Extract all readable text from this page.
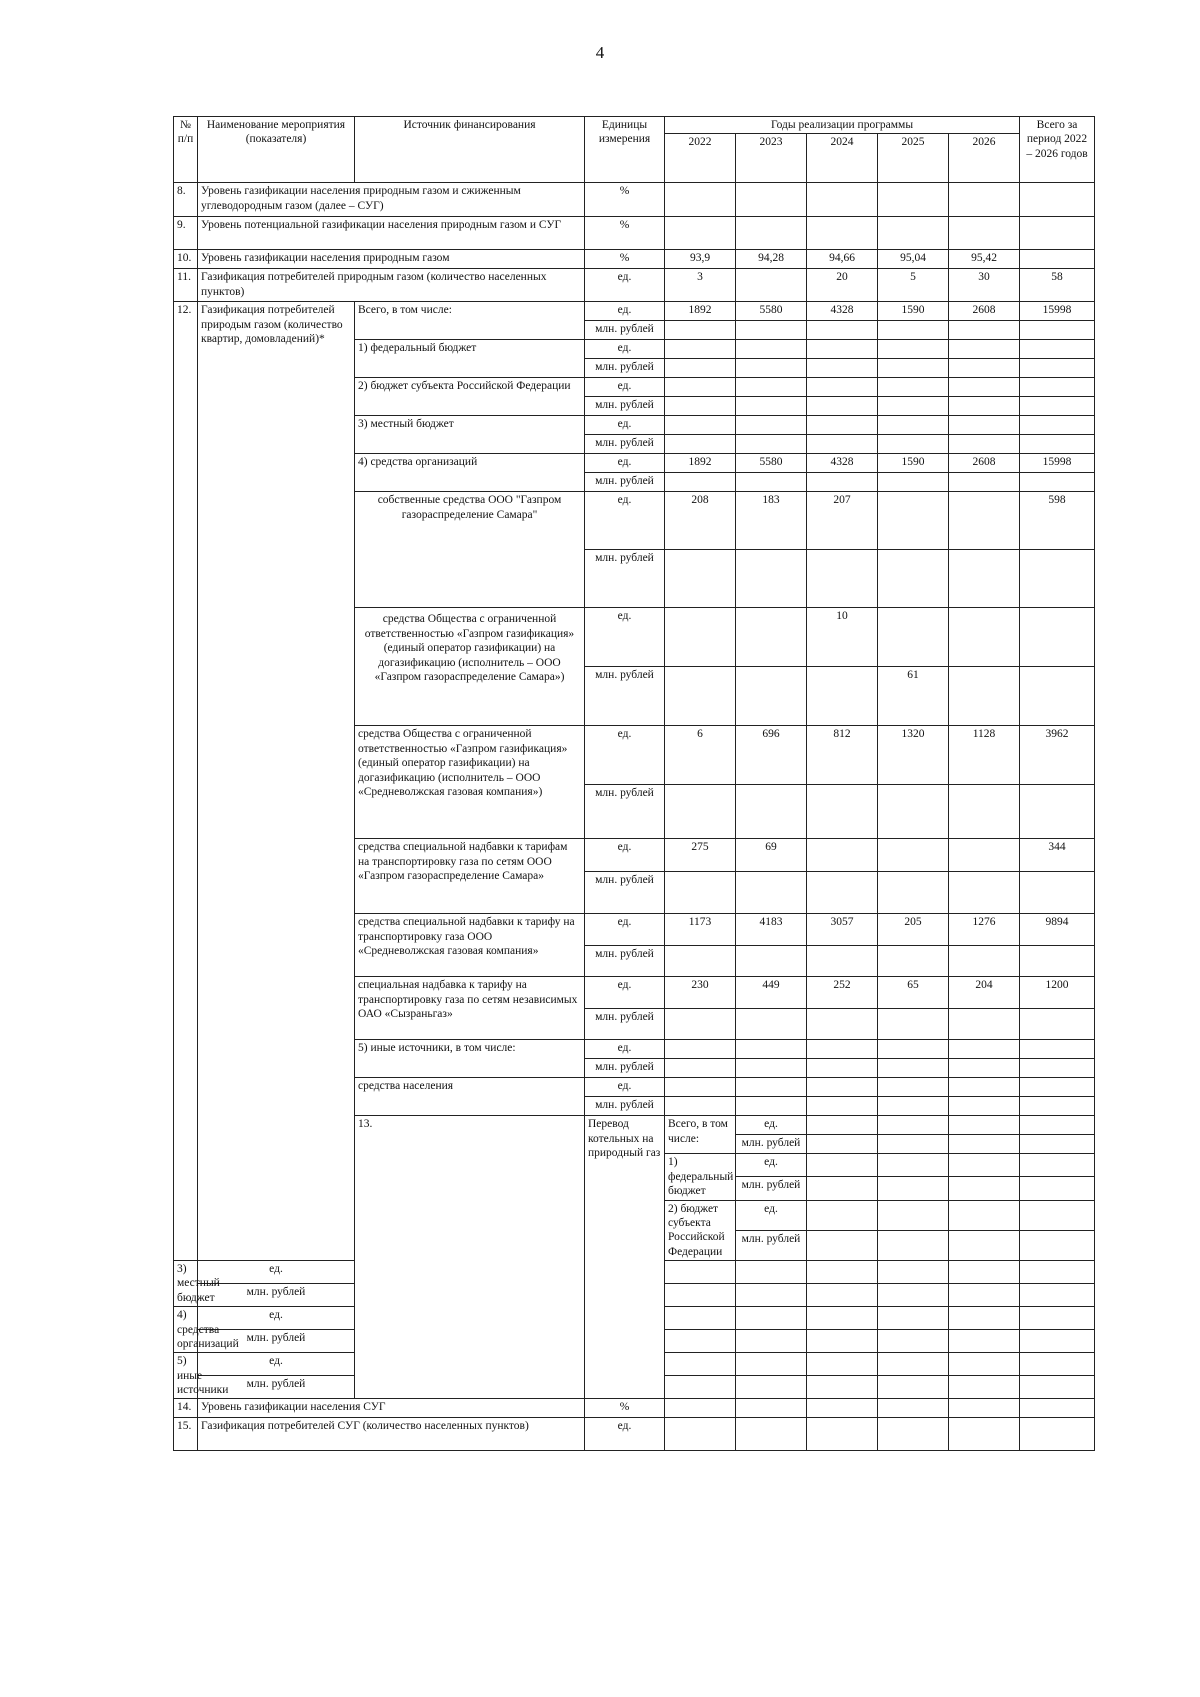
4
№ п/п	Наименование мероприятия (показателя)	Источник финансирования	Единицы измерения	Годы реализации программы					Всего за период 2022 – 2026 годов	
				2022	2023	2024	2025	2026		
8.	Уровень газификации населения природным газом и сжиженным углеводородным газом (далее – СУГ)		%							
9.	Уровень потенциальной газификации населения природным газом и СУГ		%							
10.	Уровень газификации населения природным газом		%	93,9	94,28	94,66	95,04	95,42		
11.	Газификация потребителей природным газом (количество населенных пунктов)		ед.	3		20	5	30	58	
12.	Газификация потребителей природым газом (количество квартир, домовладений)*	Всего, в том числе:	ед.	1892	5580	4328	1590	2608	15998	
			млн. рублей							
		1) федеральный бюджет	ед.							
			млн. рублей							
		2) бюджет субъекта Российской Федерации	ед.							
			млн. рублей							
		3) местный бюджет	ед.							
			млн. рублей							
		4) средства организаций	ед.	1892	5580	4328	1590	2608	15998	
			млн. рублей							
		собственные средства ООО "Газпром газораспределение Самара"	ед.	208	183	207			598	
			млн. рублей							
		средства Общества с ограниченной ответственностью «Газпром газификация» (единый оператор газификации) на догазификацию (исполнитель – ООО «Газпром газораспределение Самара»)	ед.			10				
			млн. рублей				61			
		средства Общества с ограниченной ответственностью «Газпром газификация» (единый оператор газификации) на догазификацию (исполнитель – ООО «Средневолжская газовая компания»)	ед.	6	696	812	1320	1128	3962	
			млн. рублей							
		средства специальной надбавки к тарифам на транспортировку газа по сетям ООО «Газпром газораспределение Самара»	ед.	275	69				344	
			млн. рублей							
		средства специальной надбавки к тарифу на транспортировку газа ООО «Средневолжская газовая компания»	ед.	1173	4183	3057	205	1276	9894	
			млн. рублей							
		специальная надбавка к тарифу на транспортировку газа по сетям независимых ОАО «Сызраньгаз»	ед.	230	449	252	65	204	1200	
			млн. рублей							
		5) иные источники, в том числе:	ед.							
			млн. рублей							
		средства населения	ед.							
			млн. рублей							
		13.	Перевод котельных на природный газ	Всего, в том числе:	ед.						
					млн. рублей						
				1) федеральный бюджет	ед.						
					млн. рублей						
				2) бюджет субъекта Российской Федерации	ед.						
					млн. рублей						
3) местный бюджет	ед.									
	млн. рублей									
4) средства организаций	ед.									
	млн. рублей									
5) иные источники	ед.									
	млн. рублей									
14.	Уровень газификации населения СУГ		%							
15.	Газификация потребителей СУГ (количество населенных пунктов)		ед.							
